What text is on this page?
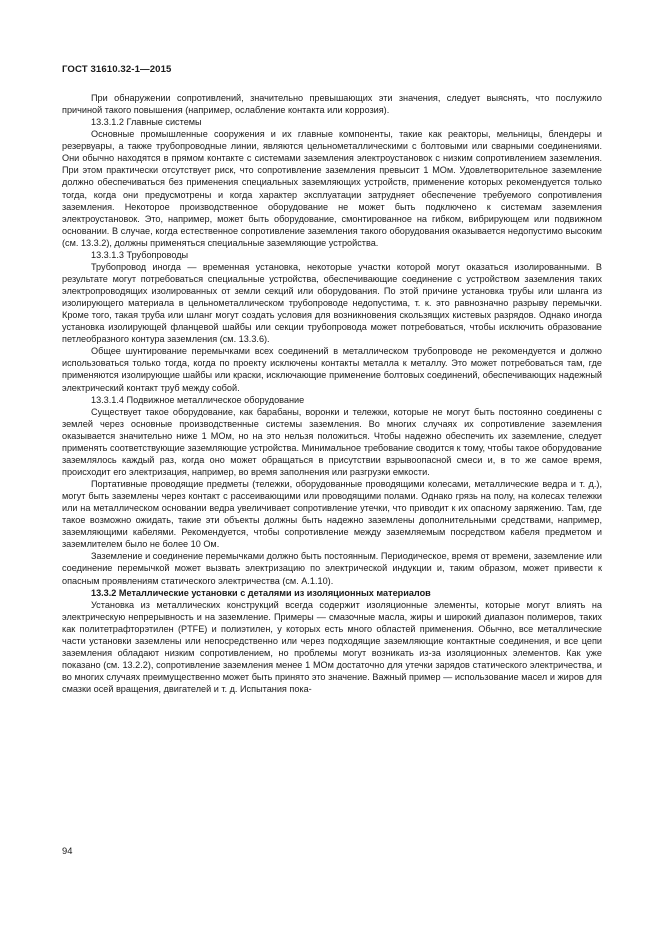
ГОСТ 31610.32-1—2015

При обнаружении сопротивлений, значительно превышающих эти значения, следует выяснять, что послужило причиной такого повышения (например, ослабление контакта или коррозия).

13.3.1.2 Главные системы

Основные промышленные сооружения и их главные компоненты, такие как реакторы, мельницы, блендеры и резервуары, а также трубопроводные линии, являются цельнометаллическими с болтовыми или сварными соединениями. Они обычно находятся в прямом контакте с системами заземления электроустановок с низким сопротивлением заземления. При этом практически отсутствует риск, что сопротивление заземления превысит 1 МОм. Удовлетворительное заземление должно обеспечиваться без применения специальных заземляющих устройств, применение которых рекомендуется только тогда, когда они предусмотрены и когда характер эксплуатации затрудняет обеспечение требуемого сопротивления заземления. Некоторое производственное оборудование не может быть подключено к системам заземления электроустановок. Это, например, может быть оборудование, смонтированное на гибком, вибрирующем или подвижном основании. В случае, когда естественное сопротивление заземления такого оборудования оказывается недопустимо высоким (см. 13.3.2), должны применяться специальные заземляющие устройства.

13.3.1.3 Трубопроводы

Трубопровод иногда — временная установка, некоторые участки которой могут оказаться изолированными. В результате могут потребоваться специальные устройства, обеспечивающие соединение с устройством заземления таких электропроводящих изолированных от земли секций или оборудования. По этой причине установка трубы или шланга из изолирующего материала в цельнометаллическом трубопроводе недопустима, т. к. это равнозначно разрыву перемычки. Кроме того, такая труба или шланг могут создать условия для возникновения скользящих кистевых разрядов. Однако иногда установка изолирующей фланцевой шайбы или секции трубопровода может потребоваться, чтобы исключить образование петлеобразного контура заземления (см. 13.3.6).

Общее шунтирование перемычками всех соединений в металлическом трубопроводе не рекомендуется и должно использоваться только тогда, когда по проекту исключены контакты металла к металлу. Это может потребоваться там, где применяются изолирующие шайбы или краски, исключающие применение болтовых соединений, обеспечивающих надежный электрический контакт труб между собой.

13.3.1.4 Подвижное металлическое оборудование

Существует такое оборудование, как барабаны, воронки и тележки, которые не могут быть постоянно соединены с землей через основные производственные системы заземления. Во многих случаях их сопротивление заземления оказывается значительно ниже 1 МОм, но на это нельзя положиться. Чтобы надежно обеспечить их заземление, следует применять соответствующие заземляющие устройства. Минимальное требование сводится к тому, чтобы такое оборудование заземлялось каждый раз, когда оно может обращаться в присутствии взрывоопасной смеси и, в то же самое время, происходит его электризация, например, во время заполнения или разгрузки емкости.

Портативные проводящие предметы (тележки, оборудованные проводящими колесами, металлические ведра и т. д.), могут быть заземлены через контакт с рассеивающими или проводящими полами. Однако грязь на полу, на колесах тележки или на металлическом основании ведра увеличивает сопротивление утечки, что приводит к их опасному заряжению. Там, где такое возможно ожидать, такие эти объекты должны быть надежно заземлены дополнительными средствами, например, заземляющими кабелями. Рекомендуется, чтобы сопротивление между заземляемым посредством кабеля предметом и заземлителем было не более 10 Ом.

Заземление и соединение перемычками должно быть постоянным. Периодическое, время от времени, заземление или соединение перемычкой может вызвать электризацию по электрической индукции и, таким образом, может привести к опасным проявлениям статического электричества (см. А.1.10).

13.3.2 Металлические установки с деталями из изоляционных материалов

Установка из металлических конструкций всегда содержит изоляционные элементы, которые могут влиять на электрическую непрерывность и на заземление. Примеры — смазочные масла, жиры и широкий диапазон полимеров, таких как политетрафторэтилен (PTFE) и полиэтилен, у которых есть много областей применения. Обычно, все металлические части установки заземлены или непосредственно или через подходящие заземляющие контактные соединения, и все цепи заземления обладают низким сопротивлением, но проблемы могут возникать из-за изоляционных элементов. Как уже показано (см. 13.2.2), сопротивление заземления менее 1 МОм достаточно для утечки зарядов статического электричества, и во многих случаях преимущественно может быть принято это значение. Важный пример — использование масел и жиров для смазки осей вращения, двигателей и т. д. Испытания пока-

94
